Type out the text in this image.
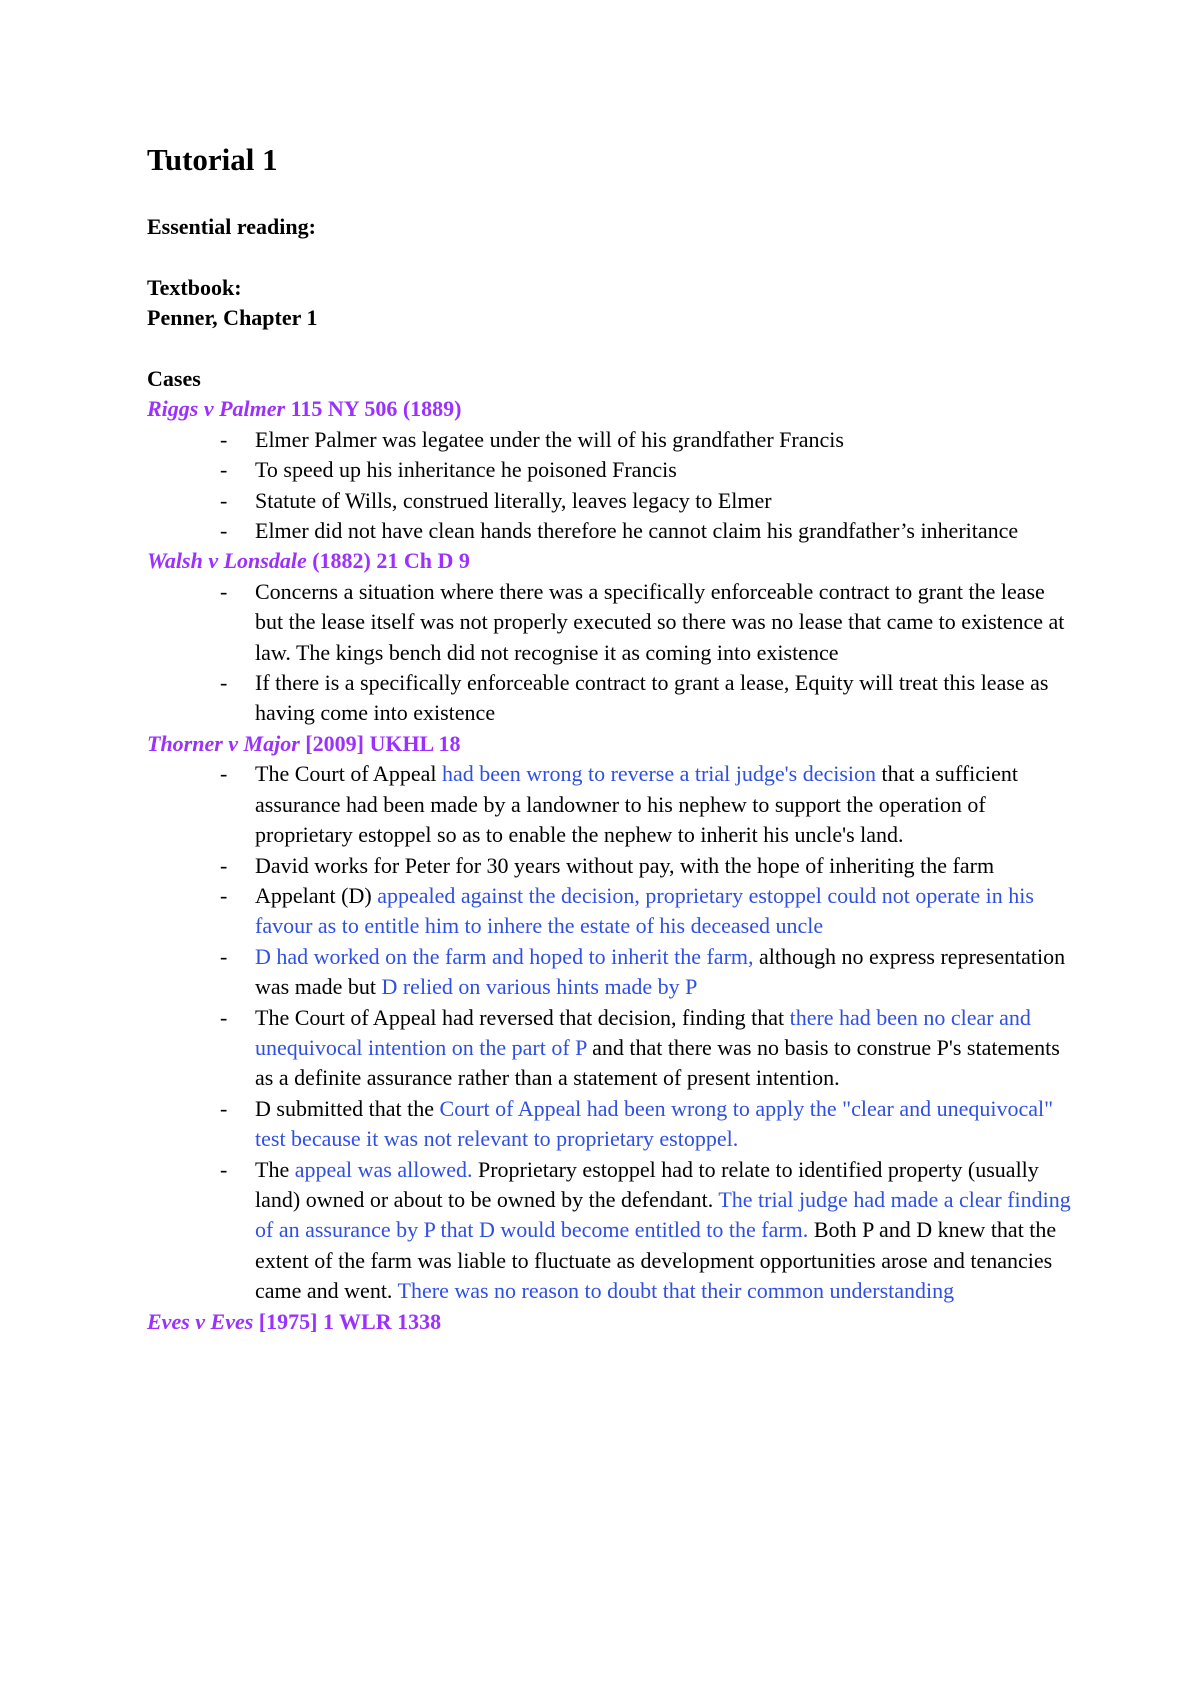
Tutorial 1
Essential reading:
Textbook:
Penner, Chapter 1
Cases
Riggs v Palmer 115 NY 506 (1889)
- Elmer Palmer was legatee under the will of his grandfather Francis
- To speed up his inheritance he poisoned Francis
- Statute of Wills, construed literally, leaves legacy to Elmer
- Elmer did not have clean hands therefore he cannot claim his grandfather’s inheritance
Walsh v Lonsdale (1882) 21 Ch D 9
- Concerns a situation where there was a specifically enforceable contract to grant the lease but the lease itself was not properly executed so there was no lease that came to existence at law. The kings bench did not recognise it as coming into existence
- If there is a specifically enforceable contract to grant a lease, Equity will treat this lease as having come into existence
Thorner v Major [2009] UKHL 18
- The Court of Appeal had been wrong to reverse a trial judge's decision that a sufficient assurance had been made by a landowner to his nephew to support the operation of proprietary estoppel so as to enable the nephew to inherit his uncle's land.
- David works for Peter for 30 years without pay, with the hope of inheriting the farm
- Appelant (D) appealed against the decision, proprietary estoppel could not operate in his favour as to entitle him to inhere the estate of his deceased uncle
- D had worked on the farm and hoped to inherit the farm, although no express representation was made but D relied on various hints made by P
- The Court of Appeal had reversed that decision, finding that there had been no clear and unequivocal intention on the part of P and that there was no basis to construe P's statements as a definite assurance rather than a statement of present intention.
- D submitted that the Court of Appeal had been wrong to apply the "clear and unequivocal" test because it was not relevant to proprietary estoppel.
- The appeal was allowed. Proprietary estoppel had to relate to identified property (usually land) owned or about to be owned by the defendant. The trial judge had made a clear finding of an assurance by P that D would become entitled to the farm. Both P and D knew that the extent of the farm was liable to fluctuate as development opportunities arose and tenancies came and went. There was no reason to doubt that their common understanding
Eves v Eves [1975] 1 WLR 1338
